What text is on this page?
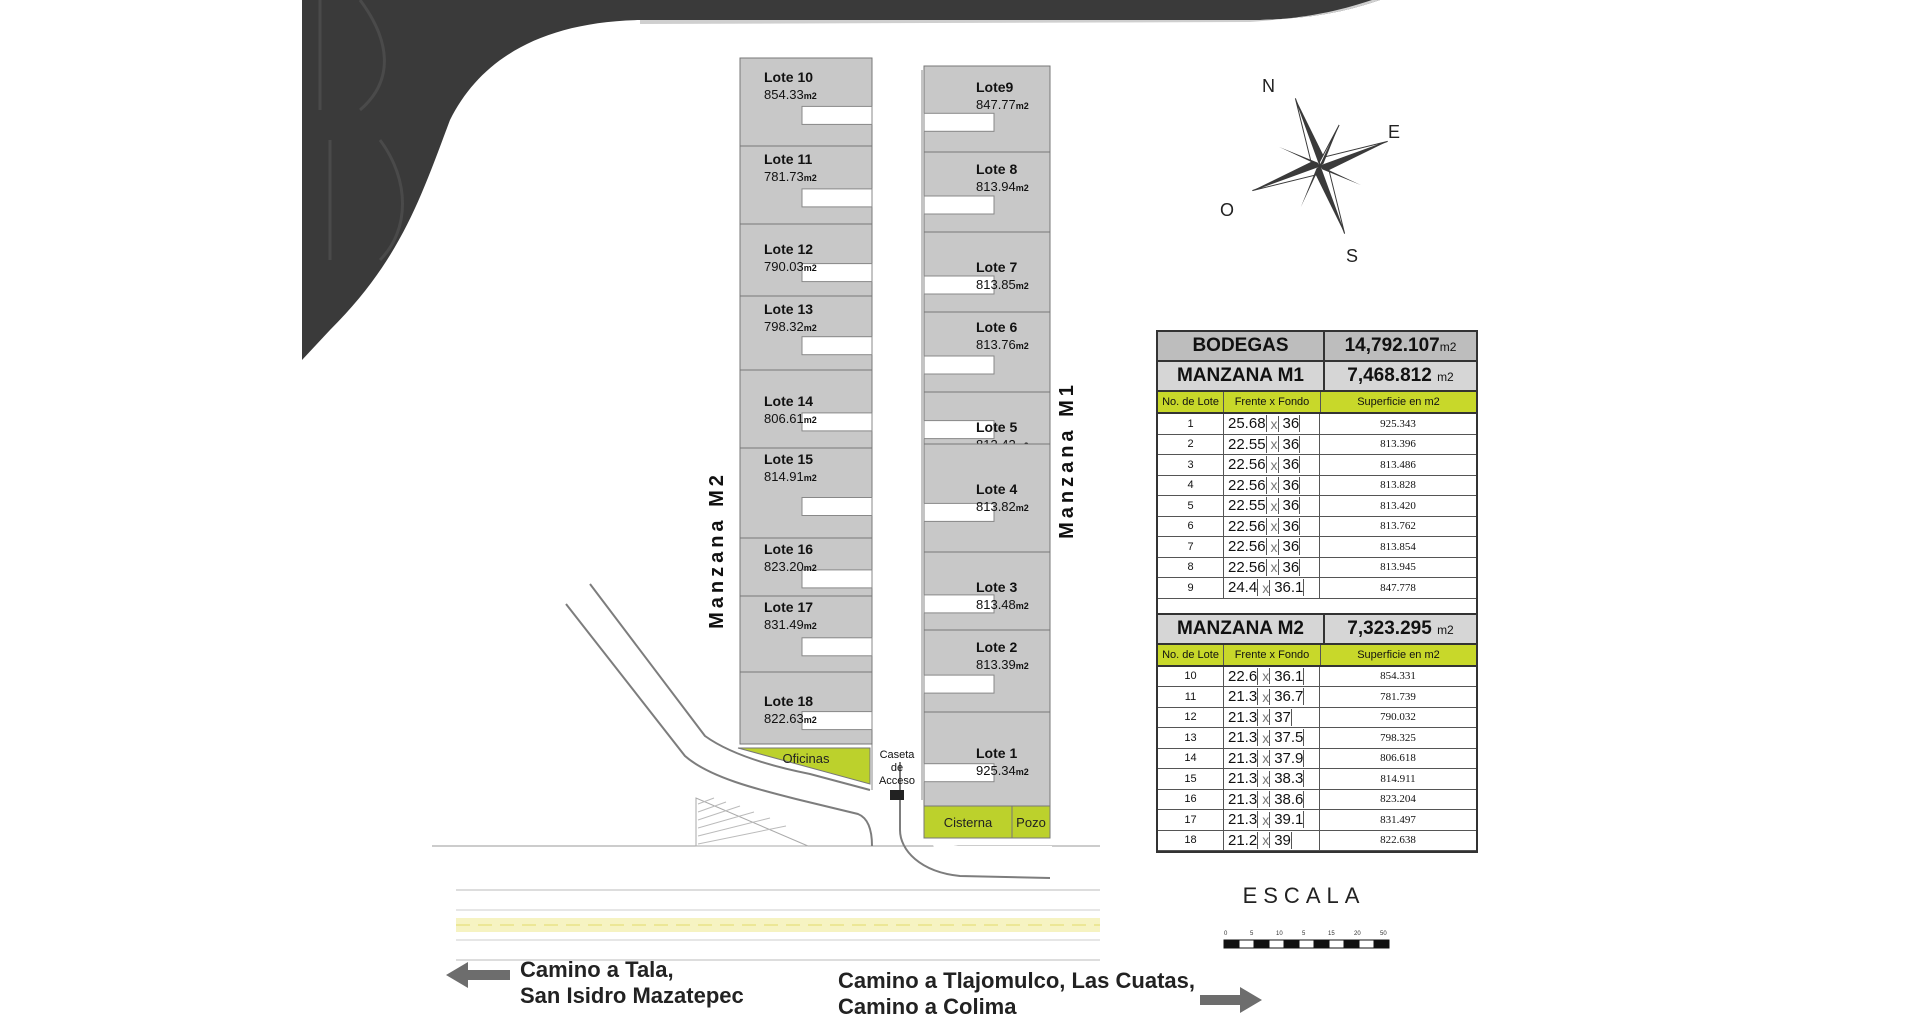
Lote 10
854.33m2
Lote 11
781.73m2
Lote 12
790.03m2
Lote 13
798.32m2
Lote 14
806.61m2
Lote 15
814.91m2
Lote 16
823.20m2
Lote 17
831.49m2
Lote 18
822.63m2
Lote9
847.77m2
Lote 8
813.94m2
Lote 7
813.85m2
Lote 6
813.76m2
Lote 5
Lote 4
813.82m2
Lote 3
813.48m2
Lote 2
813.39m2
Lote 1
925.34m2
Oficinas
Cisterna Pozo
Caseta
de
Acceso
Manzana M2
Manzana M1
Camino a Tala,
San Isidro Mazatepec
Camino a Tlajomulco, Las Cuatas,
Camino a Colima
N
E
S
O
ESCALA
0	5	10	5	15	20	50
BODEGAS	14,792.107m2
MANZANA M1	7,468.812 m2
No. de Lote	Frente x Fondo	Superficie en m2
1	25.68 x 36	925.343
2	22.55 x 36	813.396
3	22.56 x 36	813.486
4	22.56 x 36	813.828
5	22.55 x 36	813.420
6	22.56 x 36	813.762
7	22.56 x 36	813.854
8	22.56 x 36	813.945
9	24.4 x 36.1	847.778
MANZANA M2	7,323.295 m2
No. de Lote	Frente x Fondo	Superficie en m2
10	22.6 x 36.1	854.331
11	21.3 x 36.7	781.739
12	21.3 x 37	790.032
13	21.3 x 37.5	798.325
14	21.3 x 37.9	806.618
15	21.3 x 38.3	814.911
16	21.3 x 38.6	823.204
17	21.3 x 39.1	831.497
18	21.2 x 39	822.638
